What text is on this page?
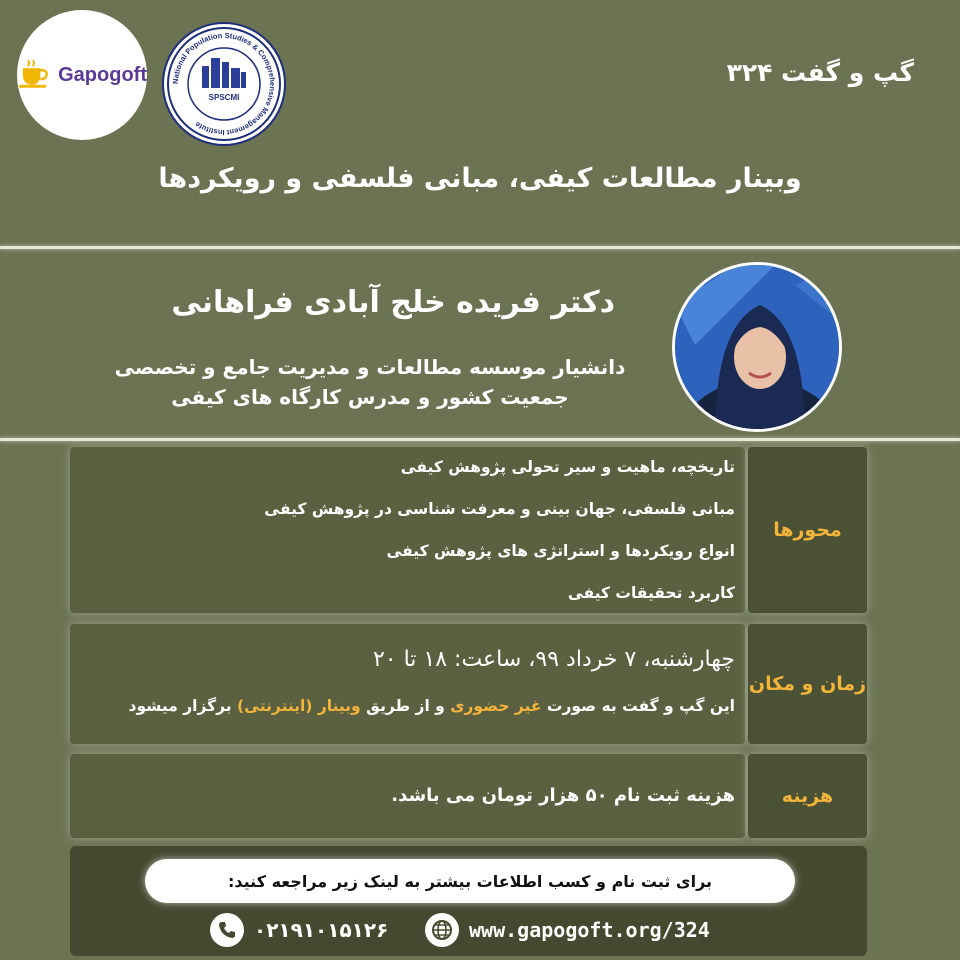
Gapogoft	National Population Studies & Comprehensive Management Institute
SPSCMI
گپ و گفت ۳۲۴
وبینار مطالعات کیفی، مبانی فلسفی و رویکردها
دکتر فریده خلج آبادی فراهانی
دانشیار موسسه مطالعات و مدیریت جامع و تخصصی
جمعیت کشور و مدرس کارگاه های کیفی
محورها
تاریخچه، ماهیت و سیر تحولی پژوهش کیفی
مبانی فلسفی، جهان بینی و معرفت شناسی در پژوهش کیفی
انواع رویکردها و استراتژی های پژوهش کیفی
کاربرد تحقیقات کیفی
زمان و مکان
چهارشنبه، ۷ خرداد ۹۹، ساعت: ۱۸ تا ۲۰
این گپ و گفت به صورت غیر حضوری و از طریق وبینار (اینترنتی) برگزار میشود
هزینه
هزینه ثبت نام ۵۰ هزار تومان می باشد.
برای ثبت نام و کسب اطلاعات بیشتر به لینک زیر مراجعه کنید:
www.gapogoft.org/324
۰۲۱۹۱۰۱۵۱۲۶
